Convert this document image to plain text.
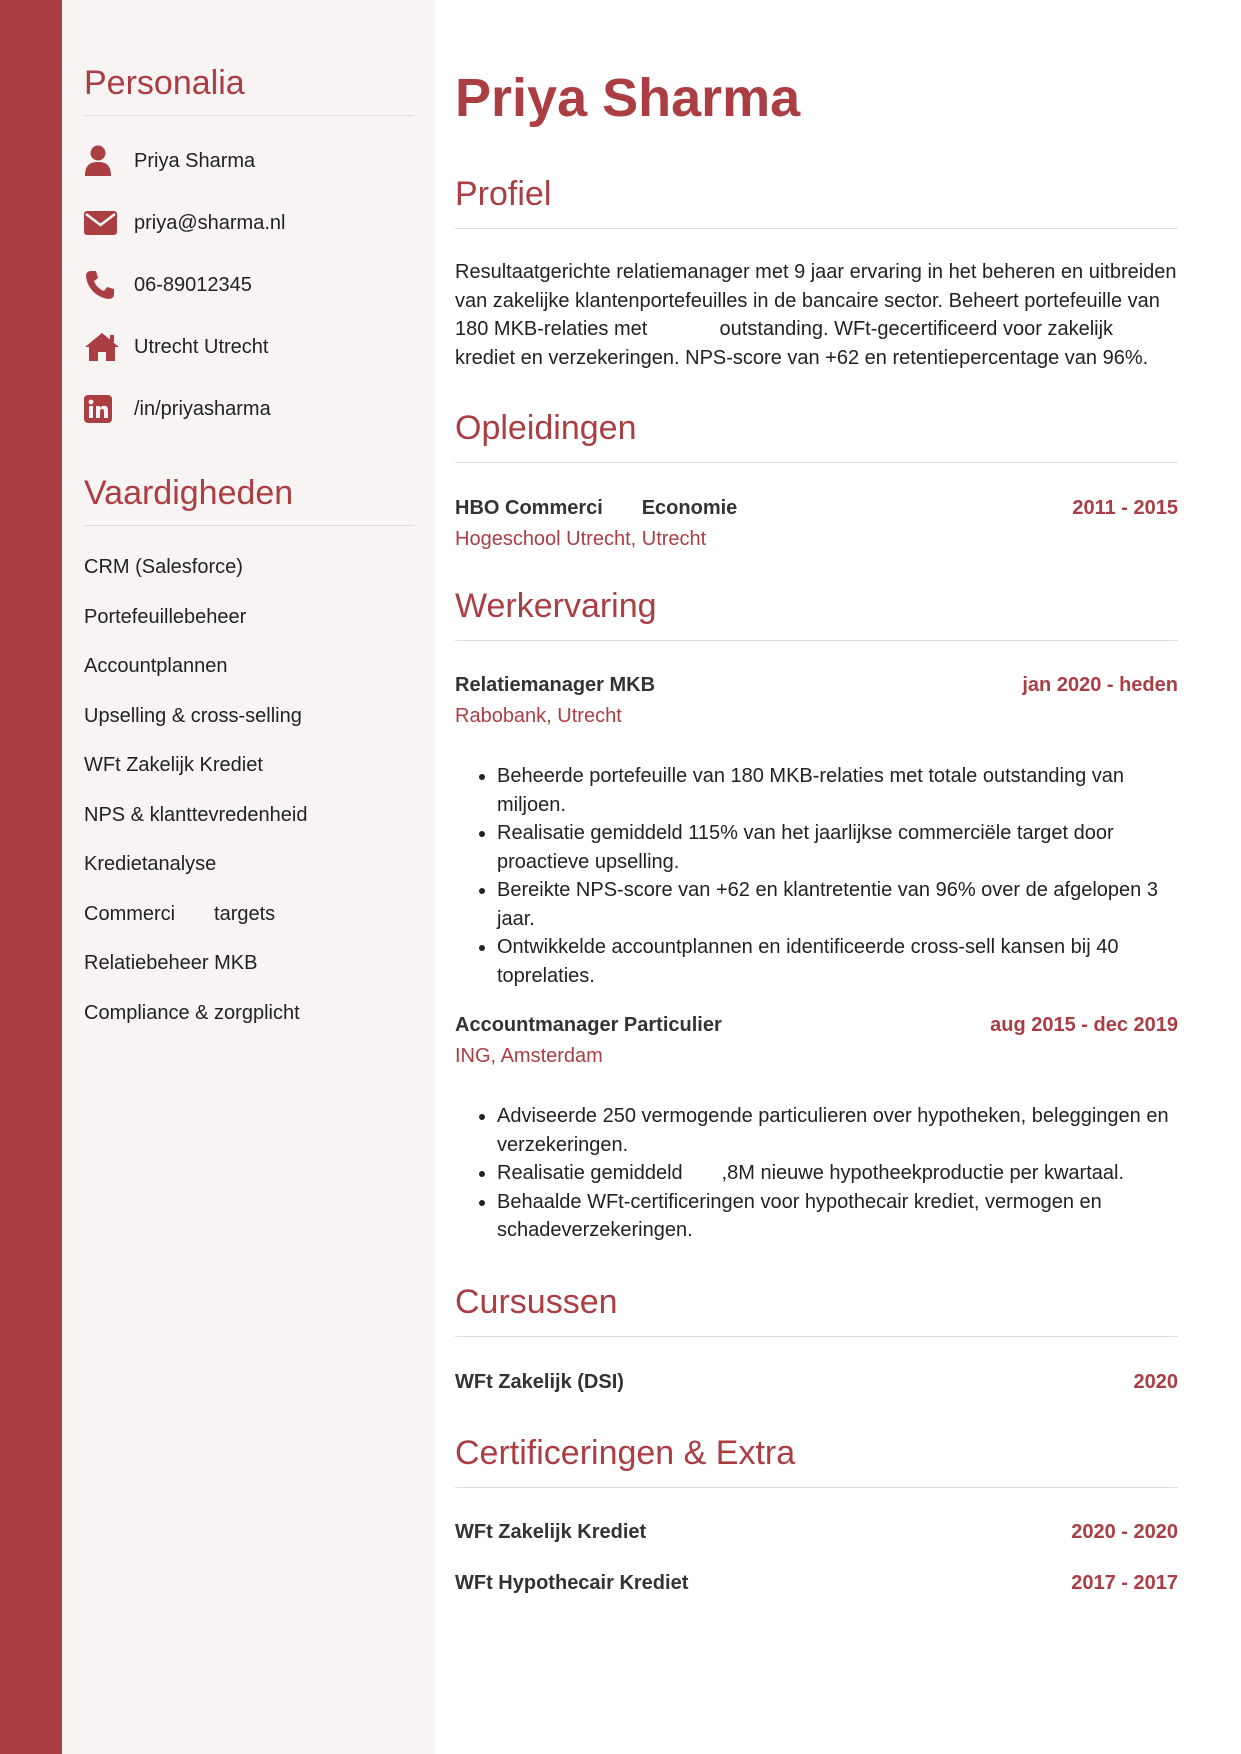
Personalia
Priya Sharma
priya@sharma.nl
06-89012345
Utrecht Utrecht
/in/priyasharma
Vaardigheden
CRM (Salesforce)
Portefeuillebeheer
Accountplannen
Upselling & cross-selling
WFt Zakelijk Krediet
NPS & klanttevredenheid
Kredietanalyse
Commerci       targets
Relatiebeheer MKB
Compliance & zorgplicht
Priya Sharma
Profiel

Resultaatgerichte relatiemanager met 9 jaar ervaring in het beheren en uitbreiden van zakelijke klantenportefeuilles in de bancaire sector. Beheert portefeuille van 180 MKB-relaties met             outstanding. WFt-gecertificeerd voor zakelijk krediet en verzekeringen. NPS-score van +62 en retentiepercentage van 96%.

Opleidingen
HBO Commerci       Economie	2011 - 2015
Hogeschool Utrecht, Utrecht
Werkervaring
Relatiemanager MKB	jan 2020 - heden
Rabobank, Utrecht
• Beheerde portefeuille van 180 MKB-relaties met totale outstanding van          miljoen.
• Realisatie gemiddeld 115% van het jaarlijkse commerciële target door proactieve upselling.
• Bereikte NPS-score van +62 en klantretentie van 96% over de afgelopen 3 jaar.
• Ontwikkelde accountplannen en identificeerde cross-sell kansen bij 40 toprelaties.
Accountmanager Particulier	aug 2015 - dec 2019
ING, Amsterdam
• Adviseerde 250 vermogende particulieren over hypotheken, beleggingen en verzekeringen.
• Realisatie gemiddeld       ,8M nieuwe hypotheekproductie per kwartaal.
• Behaalde WFt-certificeringen voor hypothecair krediet, vermogen en schadeverzekeringen.
Cursussen
WFt Zakelijk (DSI)	2020
Certificeringen & Extra
WFt Zakelijk Krediet	2020 - 2020
WFt Hypothecair Krediet	2017 - 2017
